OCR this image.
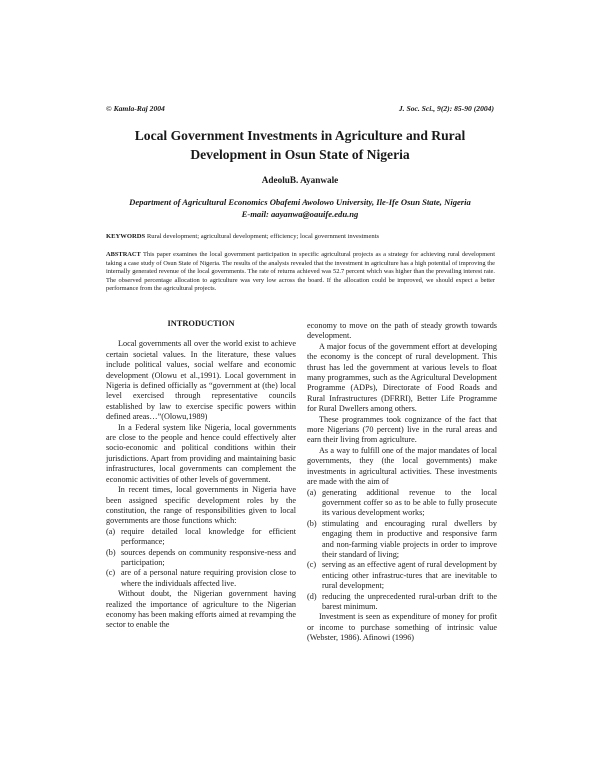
© Kamla-Raj 2004	J. Soc. Sci., 9(2): 85-90 (2004)
Local Government Investments in Agriculture and Rural
Development in Osun State of Nigeria
AdeoluB. Ayanwale
Department of Agricultural Economics Obafemi Awolowo University, Ile-Ife Osun State, Nigeria
E-mail: aayanwa@oauife.edu.ng
KEYWORDS Rural development; agricultural development; efficiency; local government investments
ABSTRACT This paper examines the local government participation in specific agricultural projects as a strategy for achieving rural development taking a case study of Osun State of Nigeria. The results of the analysis revealed that the investment in agriculture has a high potential of improving the internally generated revenue of the local governments. The rate of returns achieved was 52.7 percent which was higher than the prevailing interest rate. The observed percentage allocation to agriculture was very low across the board. If the allocation could be improved, we should expect a better performance from the agricultural projects.
INTRODUCTION

Local governments all over the world exist to achieve certain societal values. In the literature, these values include political values, social welfare and economic development (Olowu et al.,1991). Local government in Nigeria is defined officially as “government at (the) local level exercised through representative councils established by law to exercise specific powers within defined areas…”(Olowu,1989)

In a Federal system like Nigeria, local governments are close to the people and hence could effectively alter socio-economic and political conditions within their jurisdictions. Apart from providing and maintaining basic infrastructures, local governments can complement the economic activities of other levels of government.

In recent times, local governments in Nigeria have been assigned specific development roles by the constitution, the range of responsibilities given to local governments are those functions which:

(a) require detailed local knowledge for efficient performance;
(b) sources depends on community responsive-ness and participation;
(c) are of a personal nature requiring provision close to where the individuals affected live.

Without doubt, the Nigerian government having realized the importance of agriculture to the Nigerian economy has been making efforts aimed at revamping the sector to enable the

economy to move on the path of steady growth towards development.

A major focus of the government effort at developing the economy is the concept of rural development. This thrust has led the government at various levels to float many programmes, such as the Agricultural Development Programme (ADPs), Directorate of Food Roads and Rural Infrastructures (DFRRI), Better Life Programme for Rural Dwellers among others.

These programmes took cognizance of the fact that more Nigerians (70 percent) live in the rural areas and earn their living from agriculture.

As a way to fulfill one of the major mandates of local governments, they (the local governments) make investments in agricultural activities. These investments are made with the aim of

(a) generating additional revenue to the local government coffer so as to be able to fully prosecute its various development works;
(b) stimulating and encouraging rural dwellers by engaging them in productive and responsive farm and non-farming viable projects in order to improve their standard of living;
(c) serving as an effective agent of rural development by enticing other infrastruc-tures that are inevitable to rural development;
(d) reducing the unprecedented rural-urban drift to the barest minimum.

Investment is seen as expenditure of money for profit or income to purchase something of intrinsic value (Webster, 1986). Afinowi (1996)
